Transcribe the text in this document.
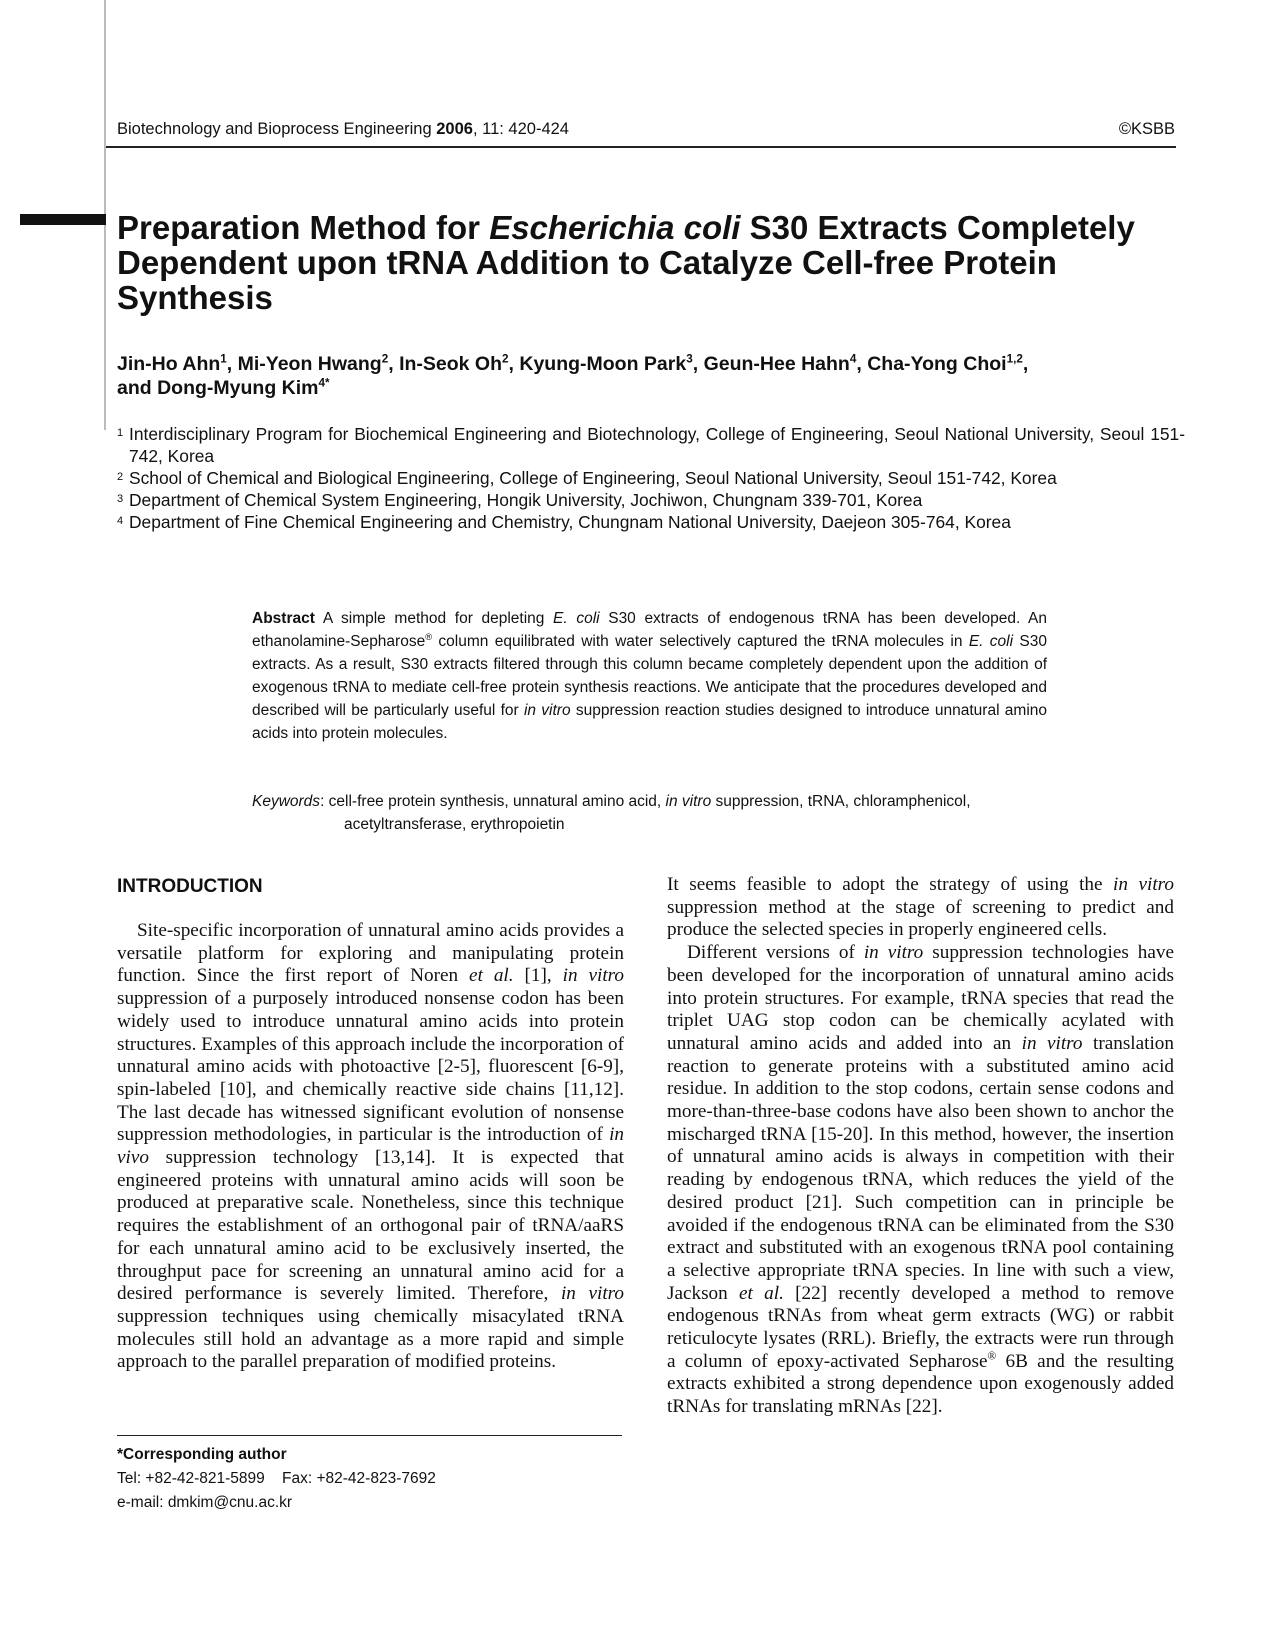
Biotechnology and Bioprocess Engineering 2006, 11: 420-424	©KSBB
Preparation Method for Escherichia coli S30 Extracts Completely Dependent upon tRNA Addition to Catalyze Cell-free Protein Synthesis
Jin-Ho Ahn$^1$, Mi-Yeon Hwang$^2$, In-Seok Oh$^2$, Kyung-Moon Park$^3$, Geun-Hee Hahn$^4$, Cha-Yong Choi$^{1,2}$,
and Dong-Myung Kim$^{4*}$
1 Interdisciplinary Program for Biochemical Engineering and Biotechnology, College of Engineering, Seoul National University, Seoul 151-742, Korea
2 School of Chemical and Biological Engineering, College of Engineering, Seoul National University, Seoul 151-742, Korea
3 Department of Chemical System Engineering, Hongik University, Jochiwon, Chungnam 339-701, Korea
4 Department of Fine Chemical Engineering and Chemistry, Chungnam National University, Daejeon 305-764, Korea
Abstract A simple method for depleting E. coli S30 extracts of endogenous tRNA has been developed. An ethanolamine-Sepharose® column equilibrated with water selectively captured the tRNA molecules in E. coli S30 extracts. As a result, S30 extracts filtered through this column became completely dependent upon the addition of exogenous tRNA to mediate cell-free protein synthesis reactions. We anticipate that the procedures developed and described will be particularly useful for in vitro suppression reaction studies designed to introduce unnatural amino acids into protein molecules.
Keywords: cell-free protein synthesis, unnatural amino acid, in vitro suppression, tRNA, chloramphenicol, acetyltransferase, erythropoietin
INTRODUCTION
Site-specific incorporation of unnatural amino acids provides a versatile platform for exploring and manipulating protein function. Since the first report of Noren et al. [1], in vitro suppression of a purposely introduced nonsense codon has been widely used to introduce unnatural amino acids into protein structures. Examples of this approach include the incorporation of unnatural amino acids with photoactive [2-5], fluorescent [6-9], spin-labeled [10], and chemically reactive side chains [11,12]. The last decade has witnessed significant evolution of nonsense suppression methodologies, in particular is the introduction of in vivo suppression technology [13,14]. It is expected that engineered proteins with unnatural amino acids will soon be produced at preparative scale. Nonetheless, since this technique requires the establishment of an orthogonal pair of tRNA/aaRS for each unnatural amino acid to be exclusively inserted, the throughput pace for screening an unnatural amino acid for a desired performance is severely limited. Therefore, in vitro suppression techniques using chemically misacylated tRNA molecules still hold an advantage as a more rapid and simple approach to the parallel preparation of modified proteins.

It seems feasible to adopt the strategy of using the in vitro suppression method at the stage of screening to predict and produce the selected species in properly engineered cells.

Different versions of in vitro suppression technologies have been developed for the incorporation of unnatural amino acids into protein structures. For example, tRNA species that read the triplet UAG stop codon can be chemically acylated with unnatural amino acids and added into an in vitro translation reaction to generate proteins with a substituted amino acid residue. In addition to the stop codons, certain sense codons and more-than-three-base codons have also been shown to anchor the mischarged tRNA [15-20]. In this method, however, the insertion of unnatural amino acids is always in competition with their reading by endogenous tRNA, which reduces the yield of the desired product [21]. Such competition can in principle be avoided if the endogenous tRNA can be eliminated from the S30 extract and substituted with an exogenous tRNA pool containing a selective appropriate tRNA species. In line with such a view, Jackson et al. [22] recently developed a method to remove endogenous tRNAs from wheat germ extracts (WG) or rabbit reticulocyte lysates (RRL). Briefly, the extracts were run through a column of epoxy-activated Sepharose® 6B and the resulting extracts exhibited a strong dependence upon exogenously added tRNAs for translating mRNAs [22].

*Corresponding author
Tel: +82-42-821-5899 Fax: +82-42-823-7692
e-mail: dmkim@cnu.ac.kr
